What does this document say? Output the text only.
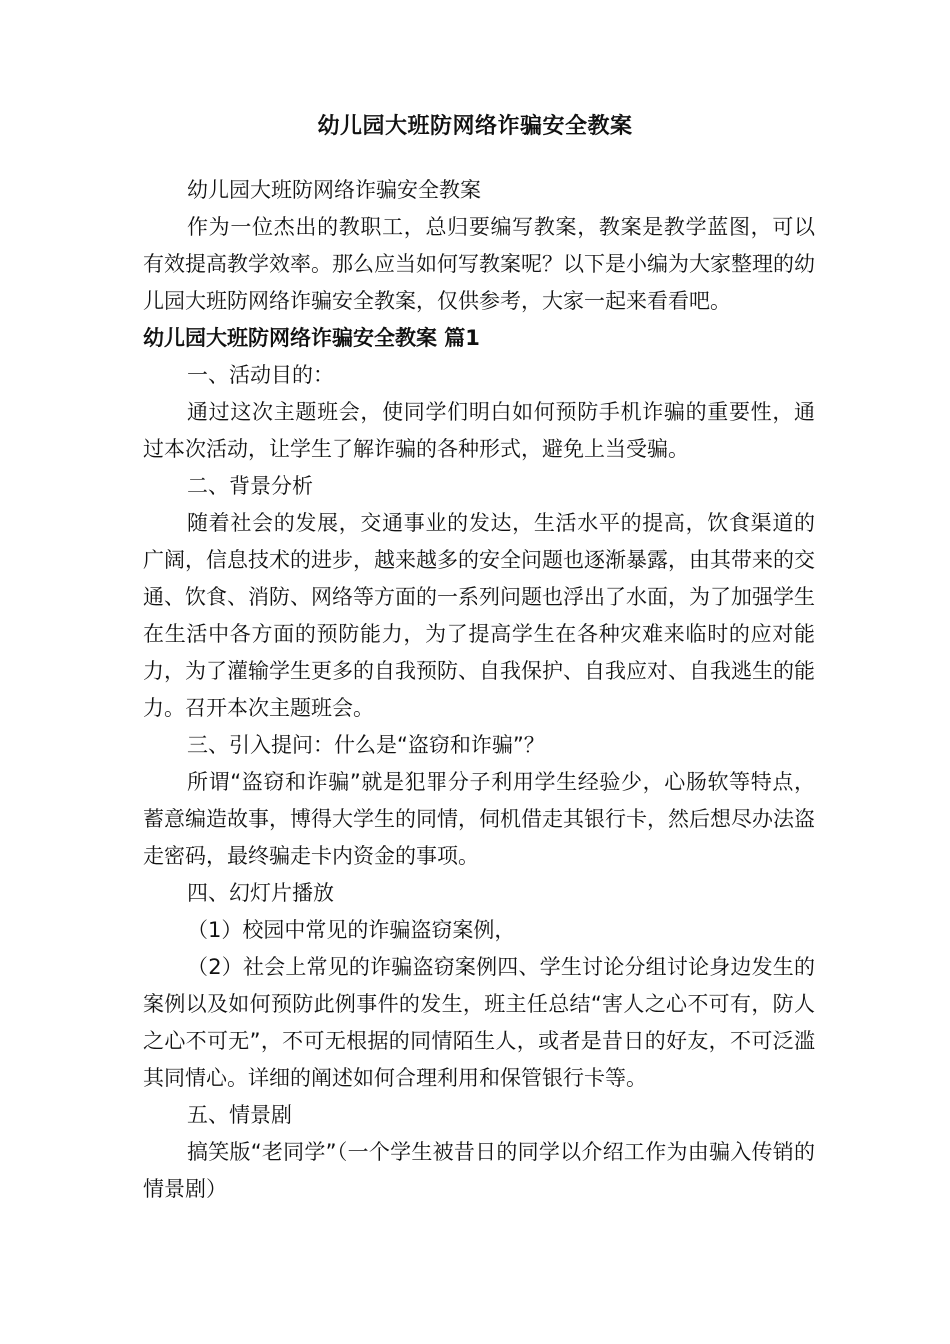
幼儿园大班防网络诈骗安全教案

幼儿园大班防网络诈骗安全教案

作为一位杰出的教职工，总归要编写教案，教案是教学蓝图，可以有效提高教学效率。那么应当如何写教案呢？以下是小编为大家整理的幼儿园大班防网络诈骗安全教案，仅供参考，大家一起来看看吧。

幼儿园大班防网络诈骗安全教案 篇1

一、活动目的：

通过这次主题班会，使同学们明白如何预防手机诈骗的重要性，通过本次活动，让学生了解诈骗的各种形式，避免上当受骗。

二、背景分析

随着社会的发展，交通事业的发达，生活水平的提高，饮食渠道的广阔，信息技术的进步，越来越多的安全问题也逐渐暴露，由其带来的交通、饮食、消防、网络等方面的一系列问题也浮出了水面，为了加强学生在生活中各方面的预防能力，为了提高学生在各种灾难来临时的应对能力，为了灌输学生更多的自我预防、自我保护、自我应对、自我逃生的能力。召开本次主题班会。

三、引入提问：什么是“盗窃和诈骗”？

所谓“盗窃和诈骗”就是犯罪分子利用学生经验少，心肠软等特点，蓄意编造故事，博得大学生的同情，伺机借走其银行卡，然后想尽办法盗走密码，最终骗走卡内资金的事项。

四、幻灯片播放

（1）校园中常见的诈骗盗窃案例，

（2）社会上常见的诈骗盗窃案例四、学生讨论分组讨论身边发生的案例以及如何预防此例事件的发生，班主任总结“害人之心不可有，防人之心不可无”，不可无根据的同情陌生人，或者是昔日的好友，不可泛滥其同情心。详细的阐述如何合理利用和保管银行卡等。

五、情景剧

搞笑版“老同学”（一个学生被昔日的同学以介绍工作为由骗入传销的情景剧）
